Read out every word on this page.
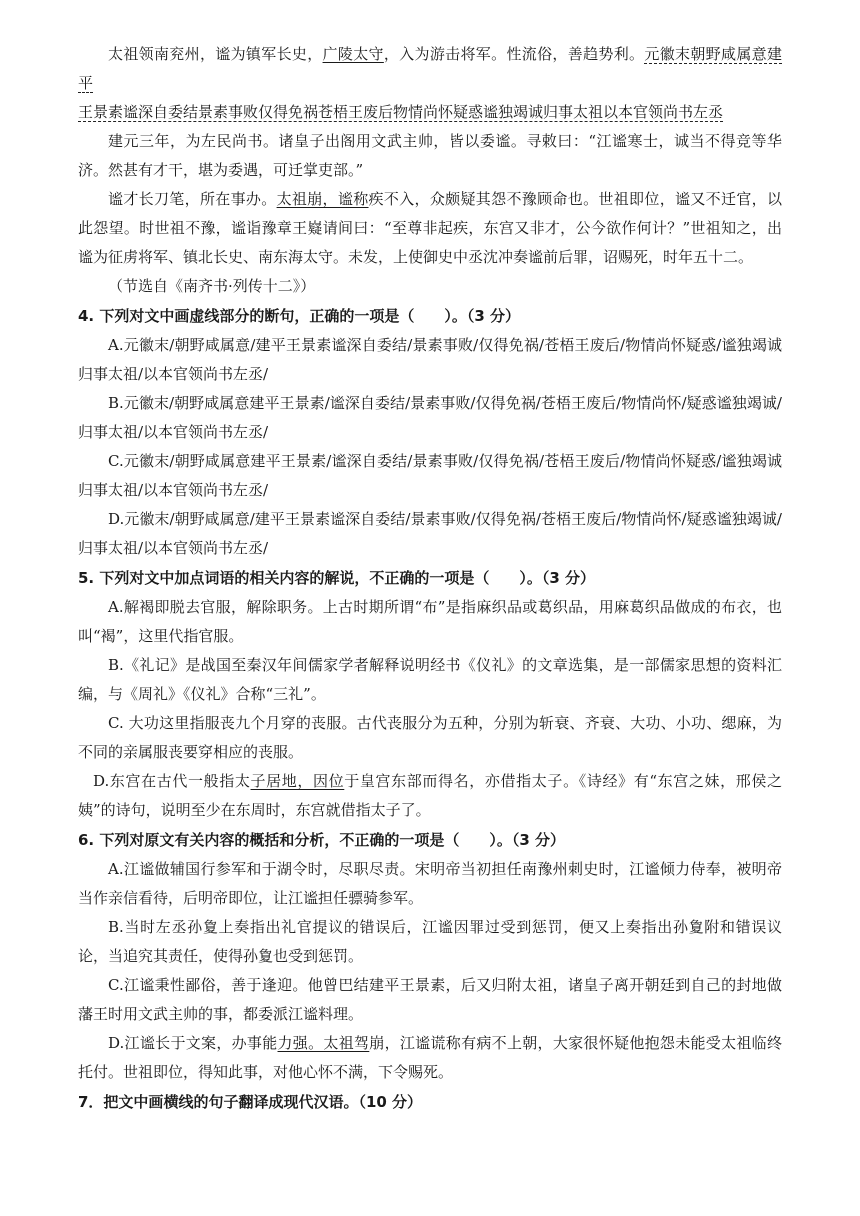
太祖领南兖州，谧为镇军长史，广陵太守，入为游击将军。性流俗，善趋势利。元徽末朝野咸属意建平

王景素谧深自委结景素事败仅得免祸苍梧王废后物情尚怀疑惑谧独竭诚归事太祖以本官领尚书左丞

建元三年，为左民尚书。诸皇子出阁用文武主帅，皆以委谧。寻敕曰：“江谧寒士，诚当不得竞等华济。然甚有才干，堪为委遇，可迁掌吏部。”

谧才长刀笔，所在事办。太祖崩，谧称疾不入，众颇疑其怨不豫顾命也。世祖即位，谧又不迁官，以此怨望。时世祖不豫，谧诣豫章王嶷请间曰：“至尊非起疾，东宫又非才，公今欲作何计？”世祖知之，出谧为征虏将军、镇北长史、南东海太守。未发，上使御史中丞沈冲奏谧前后罪，诏赐死，时年五十二。

（节选自《南齐书·列传十二》）

4. 下列对文中画虚线部分的断句，正确的一项是（　　）。（3 分）

A.元徽末/朝野咸属意/建平王景素谧深自委结/景素事败/仅得免祸/苍梧王废后/物情尚怀疑惑/谧独竭诚归事太祖/以本官领尚书左丞/

B.元徽末/朝野咸属意建平王景素/谧深自委结/景素事败/仅得免祸/苍梧王废后/物情尚怀/疑惑谧独竭诚/归事太祖/以本官领尚书左丞/

C.元徽末/朝野咸属意建平王景素/谧深自委结/景素事败/仅得免祸/苍梧王废后/物情尚怀疑惑/谧独竭诚归事太祖/以本官领尚书左丞/

D.元徽末/朝野咸属意/建平王景素谧深自委结/景素事败/仅得免祸/苍梧王废后/物情尚怀/疑惑谧独竭诚/归事太祖/以本官领尚书左丞/

5. 下列对文中加点词语的相关内容的解说，不正确的一项是（　　）。（3 分）

A.解褐即脱去官服，解除职务。上古时期所谓“布”是指麻织品或葛织品，用麻葛织品做成的布衣，也叫“褐”，这里代指官服。

B.《礼记》是战国至秦汉年间儒家学者解释说明经书《仪礼》的文章选集，是一部儒家思想的资料汇编，与《周礼》《仪礼》合称“三礼”。

C. 大功这里指服丧九个月穿的丧服。古代丧服分为五种，分别为斩衰、齐衰、大功、小功、缌麻，为不同的亲属服丧要穿相应的丧服。

D.东宫在古代一般指太子居地，因位于皇宫东部而得名，亦借指太子。《诗经》有“东宫之妹，邢侯之姨”的诗句，说明至少在东周时，东宫就借指太子了。

6. 下列对原文有关内容的概括和分析，不正确的一项是（　　）。（3 分）

A.江谧做辅国行参军和于湖令时，尽职尽责。宋明帝当初担任南豫州刺史时，江谧倾力侍奉，被明帝当作亲信看待，后明帝即位，让江谧担任骠骑参军。

B.当时左丞孙夐上奏指出礼官提议的错误后，江谧因罪过受到惩罚，便又上奏指出孙夐附和错误议论，当追究其责任，使得孙夐也受到惩罚。

C.江谧秉性鄙俗，善于逢迎。他曾巴结建平王景素，后又归附太祖，诸皇子离开朝廷到自己的封地做藩王时用文武主帅的事，都委派江谧料理。

D.江谧长于文案，办事能力强。太祖驾崩，江谧谎称有病不上朝，大家很怀疑他抱怨未能受太祖临终托付。世祖即位，得知此事，对他心怀不满，下令赐死。

7．把文中画横线的句子翻译成现代汉语。（10 分）
